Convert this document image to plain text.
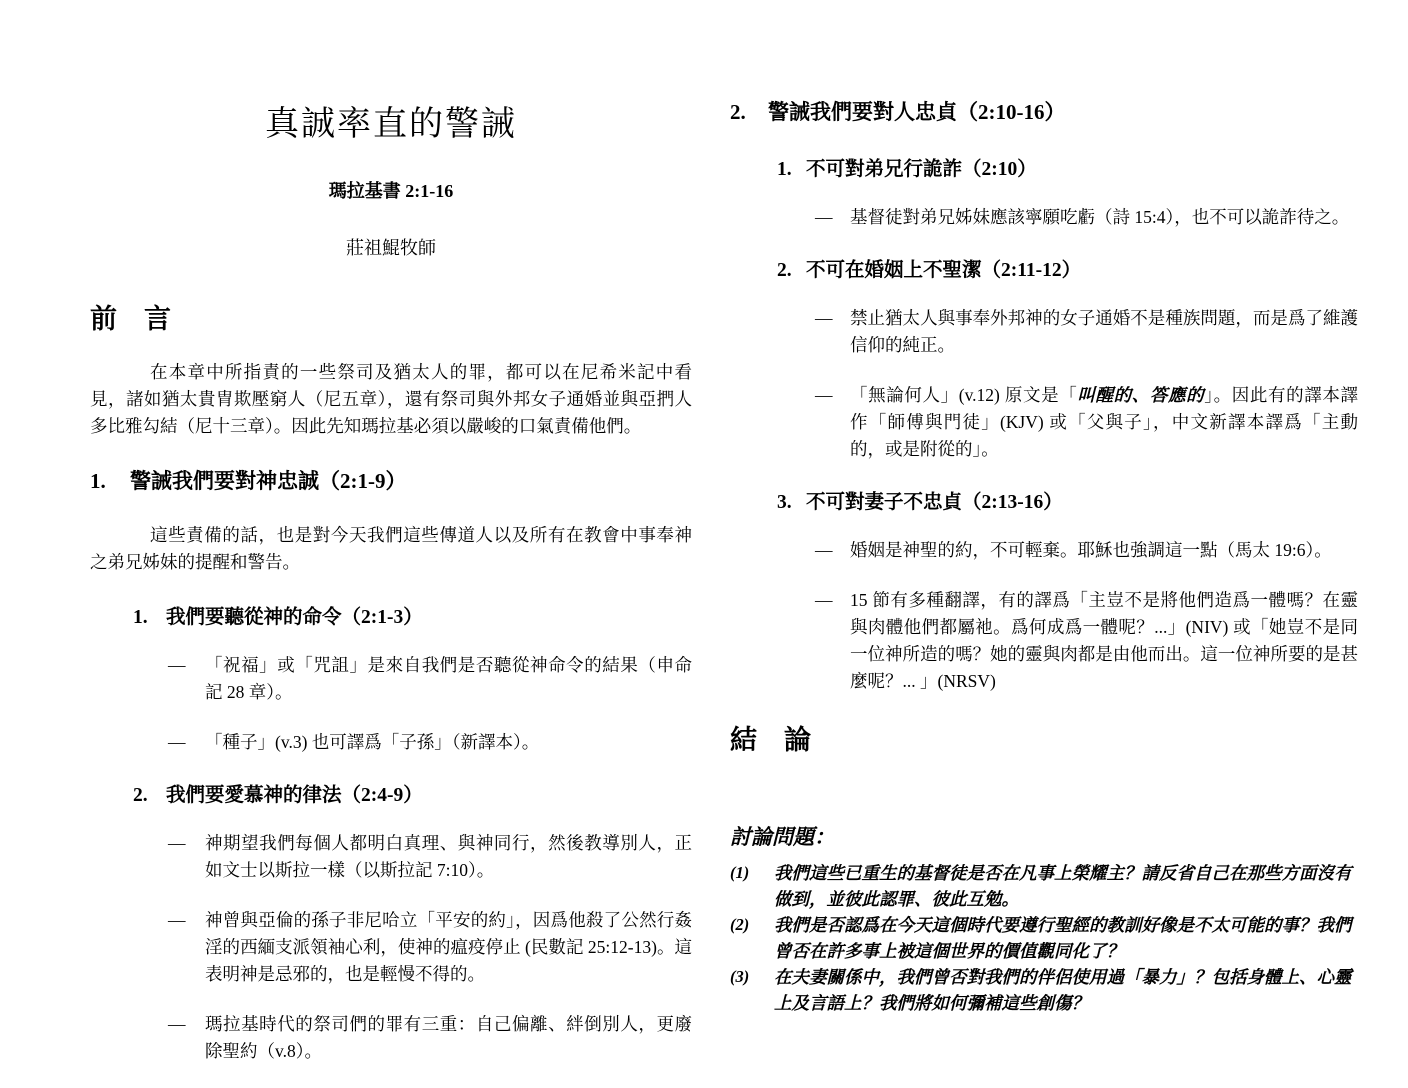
真誠率直的警誡
瑪拉基書 2:1-16
莊祖鯤牧師
前　言
在本章中所指責的一些祭司及猶太人的罪，都可以在尼希米記中看見，諸如猶太貴胄欺壓窮人（尼五章），還有祭司與外邦女子通婚並與亞捫人多比雅勾結（尼十三章）。因此先知瑪拉基必須以嚴峻的口氣責備他們。
1.	警誡我們要對神忠誠（2:1-9）
這些責備的話，也是對今天我們這些傳道人以及所有在教會中事奉神之弟兄姊妹的提醒和警告。
1. 我們要聽從神的命令（2:1-3）
—	「祝福」或「咒詛」是來自我們是否聽從神命令的結果（申命記 28 章）。
—	「種子」(v.3) 也可譯爲「子孫」（新譯本）。
2. 我們要愛慕神的律法（2:4-9）
—	神期望我們每個人都明白真理、與神同行，然後教導別人，正如文士以斯拉一樣（以斯拉記 7:10）。
—	神曾與亞倫的孫子非尼哈立「平安的約」，因爲他殺了公然行姦淫的西緬支派領袖心利，使神的瘟疫停止 (民數記 25:12-13)。這表明神是忌邪的，也是輕慢不得的。
—	瑪拉基時代的祭司們的罪有三重：自己偏離、絆倒別人，更廢除聖約（v.8）。
2.	警誡我們要對人忠貞（2:10-16）
1. 不可對弟兄行詭詐（2:10）
—	基督徒對弟兄姊妹應該寧願吃虧（詩 15:4），也不可以詭詐待之。
2. 不可在婚姻上不聖潔（2:11-12）
—	禁止猶太人與事奉外邦神的女子通婚不是種族問題，而是爲了維護信仰的純正。
—	「無論何人」(v.12) 原文是「叫醒的、答應的」。因此有的譯本譯作「師傅與門徒」(KJV) 或「父與子」，中文新譯本譯爲「主動的，或是附從的」。
3. 不可對妻子不忠貞（2:13-16）
—	婚姻是神聖的約，不可輕棄。耶穌也強調這一點（馬太 19:6）。
—	15 節有多種翻譯，有的譯爲「主豈不是將他們造爲一體嗎？在靈與肉體他們都屬祂。爲何成爲一體呢？...」(NIV) 或「她豈不是同一位神所造的嗎？她的靈與肉都是由他而出。這一位神所要的是甚麼呢？... 」(NRSV)
結　論
討論問題：
(1)	我們這些已重生的基督徒是否在凡事上榮耀主？請反省自己在那些方面沒有做到，並彼此認罪、彼此互勉。
(2)	我們是否認爲在今天這個時代要遵行聖經的教訓好像是不太可能的事？我們曾否在許多事上被這個世界的價值觀同化了？
(3)	在夫妻關係中，我們曾否對我們的伴侶使用過「暴力」？包括身體上、心靈上及言語上？我們將如何彌補這些創傷？
